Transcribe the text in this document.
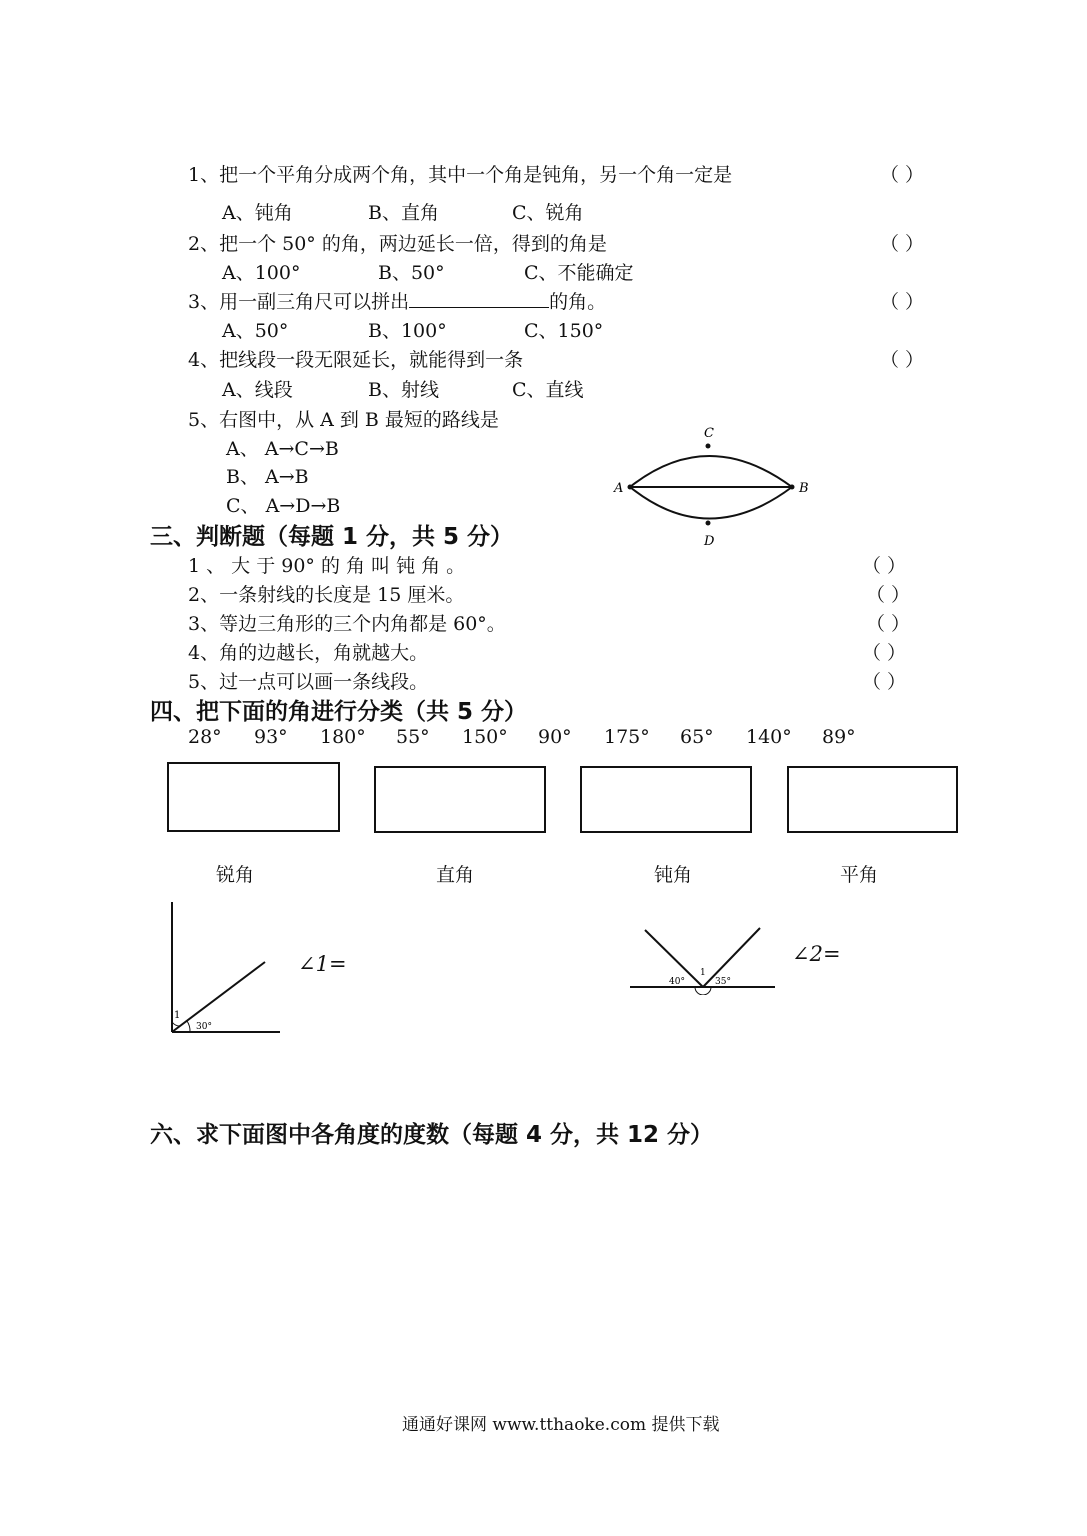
1、把一个平角分成两个角，其中一个角是钝角，另一个角一定是	（ ）
A、钝角	B、直角	C、锐角
2、把一个 50° 的角，两边延长一倍，得到的角是	（ ）
A、100°	B、50°	C、不能确定
3、用一副三角尺可以拼出	的角。	（ ）
A、50°	B、100°	C、150°
4、把线段一段无限延长，就能得到一条	（ ）
A、线段	B、射线	C、直线
5、右图中，从 A 到 B 最短的路线是
A、 A→C→B
B、 A→B
C、 A→D→B
A	B
C
D
三、判断题（每题 1 分，共 5 分）
1 、 大 于 90° 的 角 叫 钝 角 。	（ ）
2、一条射线的长度是 15 厘米。	（ ）
3、等边三角形的三个内角都是 60°。	（ ）
4、角的边越长，角就越大。	（ ）
5、过一点可以画一条线段。	（ ）
四、把下面的角进行分类（共 5 分）
28° 93° 180° 55° 150° 90° 175° 65° 140° 89°
锐角	直角	钝角	平角
1
30°
∠1=
40°
1
35°
∠2=
六、求下面图中各角度的度数（每题 4 分，共 12 分）
通通好课网 www.tthaoke.com 提供下载
